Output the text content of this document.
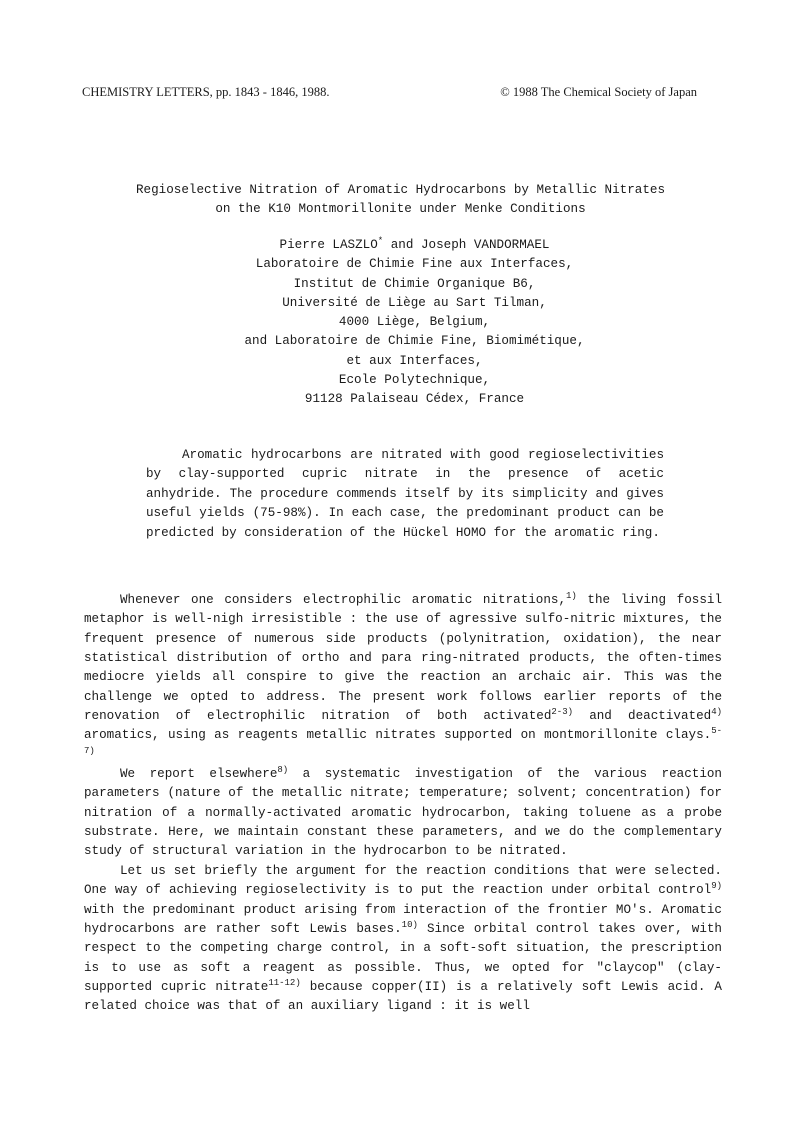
CHEMISTRY LETTERS, pp. 1843 - 1846, 1988.	© 1988 The Chemical Society of Japan
Regioselective Nitration of Aromatic Hydrocarbons by Metallic Nitrates
on the K10 Montmorillonite under Menke Conditions
Pierre LASZLO* and Joseph VANDORMAEL
Laboratoire de Chimie Fine aux Interfaces,
Institut de Chimie Organique B6,
Université de Liège au Sart Tilman,
4000 Liège, Belgium,
and Laboratoire de Chimie Fine, Biomimétique,
et aux Interfaces,
Ecole Polytechnique,
91128 Palaiseau Cédex, France

Aromatic hydrocarbons are nitrated with good regioselectivities by clay-supported cupric nitrate in the presence of acetic anhydride. The procedure commends itself by its simplicity and gives useful yields (75-98%). In each case, the predominant product can be predicted by consideration of the Hückel HOMO for the aromatic ring.

Whenever one considers electrophilic aromatic nitrations,$^{1)}$ the living fossil metaphor is well-nigh irresistible : the use of agressive sulfo-nitric mixtures, the frequent presence of numerous side products (polynitration, oxidation), the near statistical distribution of ortho and para ring-nitrated products, the often-times mediocre yields all conspire to give the reaction an archaic air. This was the challenge we opted to address. The present work follows earlier reports of the renovation of electrophilic nitration of both activated$^{2-3)}$ and deactivated$^{4)}$ aromatics, using as reagents metallic nitrates supported on montmorillonite clays.$^{5-7)}$

We report elsewhere$^{8)}$ a systematic investigation of the various reaction parameters (nature of the metallic nitrate; temperature; solvent; concentration) for nitration of a normally-activated aromatic hydrocarbon, taking toluene as a probe substrate. Here, we maintain constant these parameters, and we do the complementary study of structural variation in the hydrocarbon to be nitrated.

Let us set briefly the argument for the reaction conditions that were selected. One way of achieving regioselectivity is to put the reaction under orbital control$^{9)}$ with the predominant product arising from interaction of the frontier MO's. Aromatic hydrocarbons are rather soft Lewis bases.$^{10)}$ Since orbital control takes over, with respect to the competing charge control, in a soft-soft situation, the prescription is to use as soft a reagent as possible. Thus, we opted for "claycop" (clay-supported cupric nitrate$^{11-12)}$ because copper(II) is a relatively soft Lewis acid. A related choice was that of an auxiliary ligand : it is well
